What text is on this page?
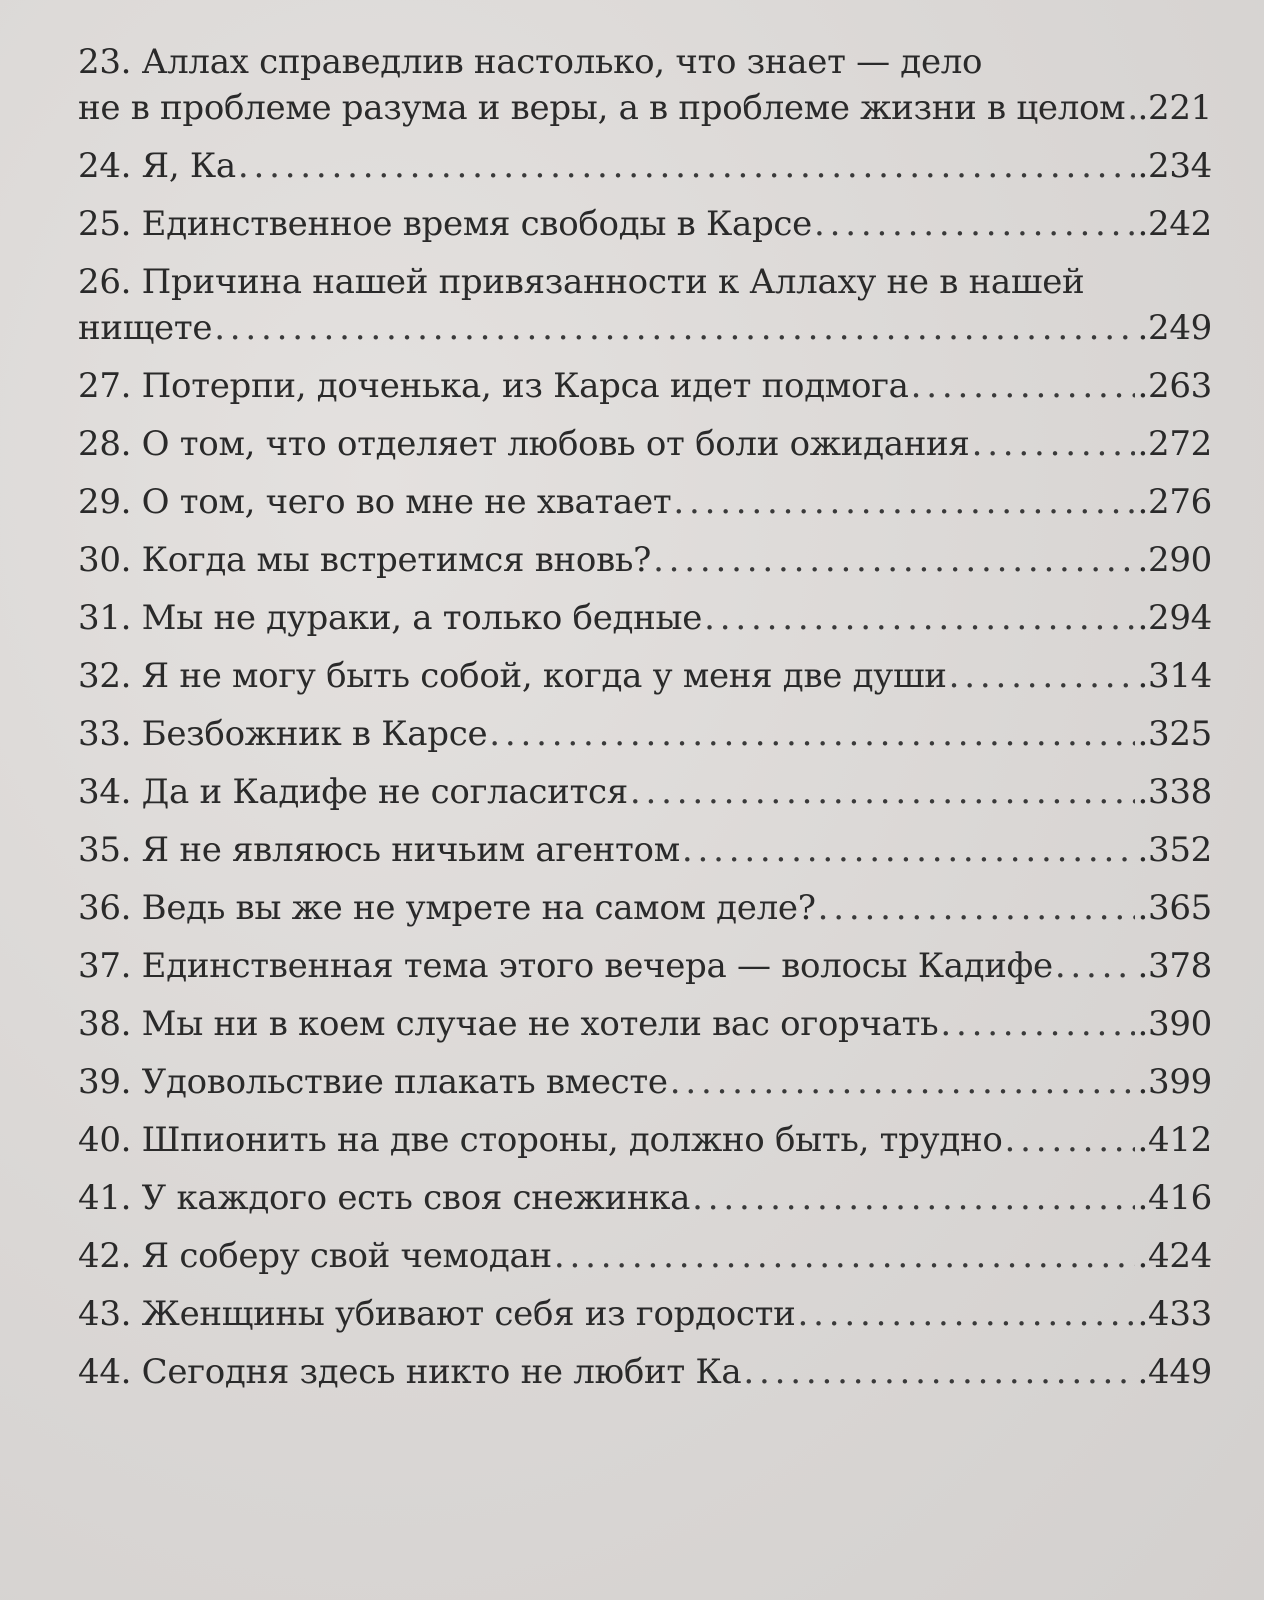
23. Аллах справедлив настолько, что знает — дело
не в проблеме разума и веры, а в проблеме жизни в целом . . . .221
24. Я, Ка . . .	.234
25. Единственное время свободы в Карсе . . .	.242
26. Причина нашей привязанности к Аллаху не в нашей
нищете . . .	.249
27. Потерпи, доченька, из Карса идет подмога . . .	.263
28. О том, что отделяет любовь от боли ожидания . . .	.272
29. О том, чего во мне не хватает . . .	.276
30. Когда мы встретимся вновь? . . .	.290
31. Мы не дураки, а только бедные . . .	.294
32. Я не могу быть собой, когда у меня две души . . .	.314
33. Безбожник в Карсе . . .	.325
34. Да и Кадифе не согласится . . .	.338
35. Я не являюсь ничьим агентом . . .	.352
36. Ведь вы же не умрете на самом деле? . . .	.365
37. Единственная тема этого вечера — волосы Кадифе . . . .378
38. Мы ни в коем случае не хотели вас огорчать . . .	.390
39. Удовольствие плакать вместе . . .	.399
40. Шпионить на две стороны, должно быть, трудно . . .	.412
41. У каждого есть своя снежинка . . .	.416
42. Я соберу свой чемодан . . .	.424
43. Женщины убивают себя из гордости . . .	.433
44. Сегодня здесь никто не любит Ка . . .	.449
